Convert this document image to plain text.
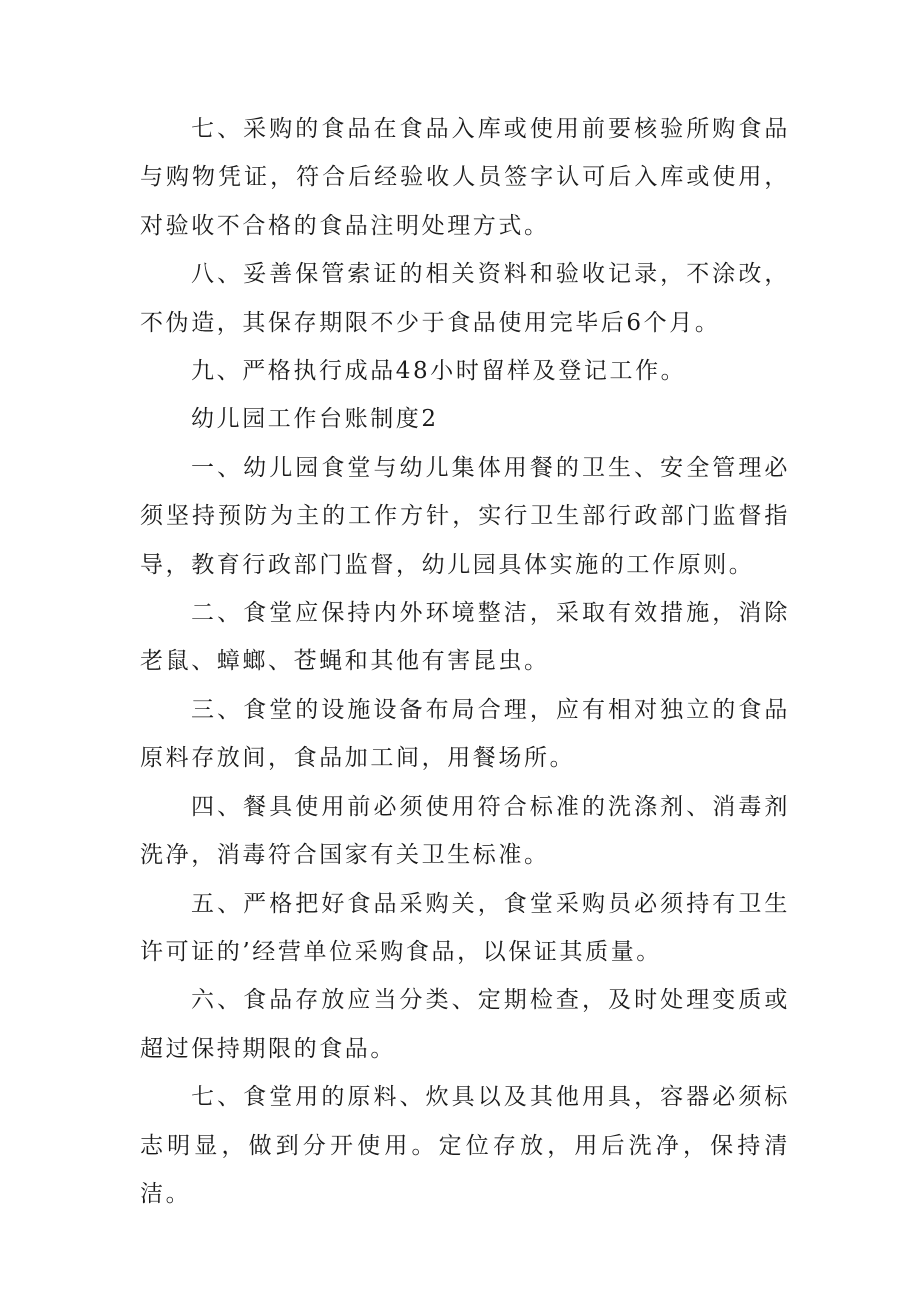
七、采购的食品在食品入库或使用前要核验所购食品与购物凭证，符合后经验收人员签字认可后入库或使用，对验收不合格的食品注明处理方式。

八、妥善保管索证的相关资料和验收记录，不涂改，不伪造，其保存期限不少于食品使用完毕后6个月。

九、严格执行成品48小时留样及登记工作。

幼儿园工作台账制度2

一、幼儿园食堂与幼儿集体用餐的卫生、安全管理必须坚持预防为主的工作方针，实行卫生部行政部门监督指导，教育行政部门监督，幼儿园具体实施的工作原则。

二、食堂应保持内外环境整洁，采取有效措施，消除老鼠、蟑螂、苍蝇和其他有害昆虫。

三、食堂的设施设备布局合理，应有相对独立的食品原料存放间，食品加工间，用餐场所。

四、餐具使用前必须使用符合标准的洗涤剂、消毒剂洗净，消毒符合国家有关卫生标准。

五、严格把好食品采购关，食堂采购员必须持有卫生许可证的’经营单位采购食品，以保证其质量。

六、食品存放应当分类、定期检查，及时处理变质或超过保持期限的食品。

七、食堂用的原料、炊具以及其他用具，容器必须标志明显，做到分开使用。定位存放，用后洗净，保持清洁。
